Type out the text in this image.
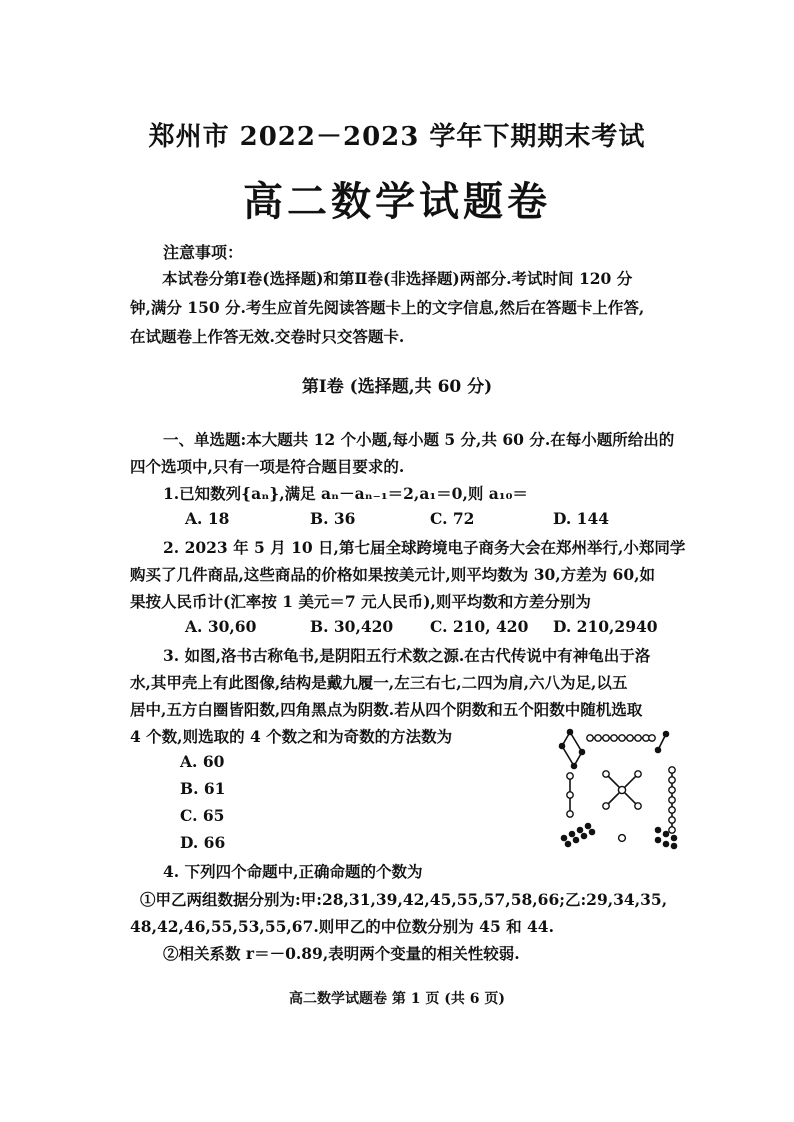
郑州市 2022－2023 学年下期期末考试
高二数学试题卷
注意事项：
本试卷分第Ⅰ卷(选择题)和第Ⅱ卷(非选择题)两部分.考试时间 120 分
钟,满分 150 分.考生应首先阅读答题卡上的文字信息,然后在答题卡上作答,
在试题卷上作答无效.交卷时只交答题卡.
第Ⅰ卷 (选择题,共 60 分)
一、单选题:本大题共 12 个小题,每小题 5 分,共 60 分.在每小题所给出的
四个选项中,只有一项是符合题目要求的.
1.已知数列{aₙ},满足 aₙ－aₙ₋₁＝2,a₁＝0,则 a₁₀＝
A. 18	B. 36	C. 72	D. 144
2. 2023 年 5 月 10 日,第七届全球跨境电子商务大会在郑州举行,小郑同学
购买了几件商品,这些商品的价格如果按美元计,则平均数为 30,方差为 60,如
果按人民币计(汇率按 1 美元＝7 元人民币),则平均数和方差分别为
A. 30,60	B. 30,420 C. 210, 420 D. 210,2940
3. 如图,洛书古称龟书,是阴阳五行术数之源.在古代传说中有神龟出于洛
水,其甲壳上有此图像,结构是戴九履一,左三右七,二四为肩,六八为足,以五
居中,五方白圈皆阳数,四角黑点为阴数.若从四个阴数和五个阳数中随机选取
4 个数,则选取的 4 个数之和为奇数的方法数为
A. 60
B. 61
C. 65
D. 66
4. 下列四个命题中,正确命题的个数为
①甲乙两组数据分别为:甲:28,31,39,42,45,55,57,58,66;乙:29,34,35,
48,42,46,55,53,55,67.则甲乙的中位数分别为 45 和 44.
②相关系数 r＝－0.89,表明两个变量的相关性较弱.
高二数学试题卷 第 1 页 (共 6 页)
